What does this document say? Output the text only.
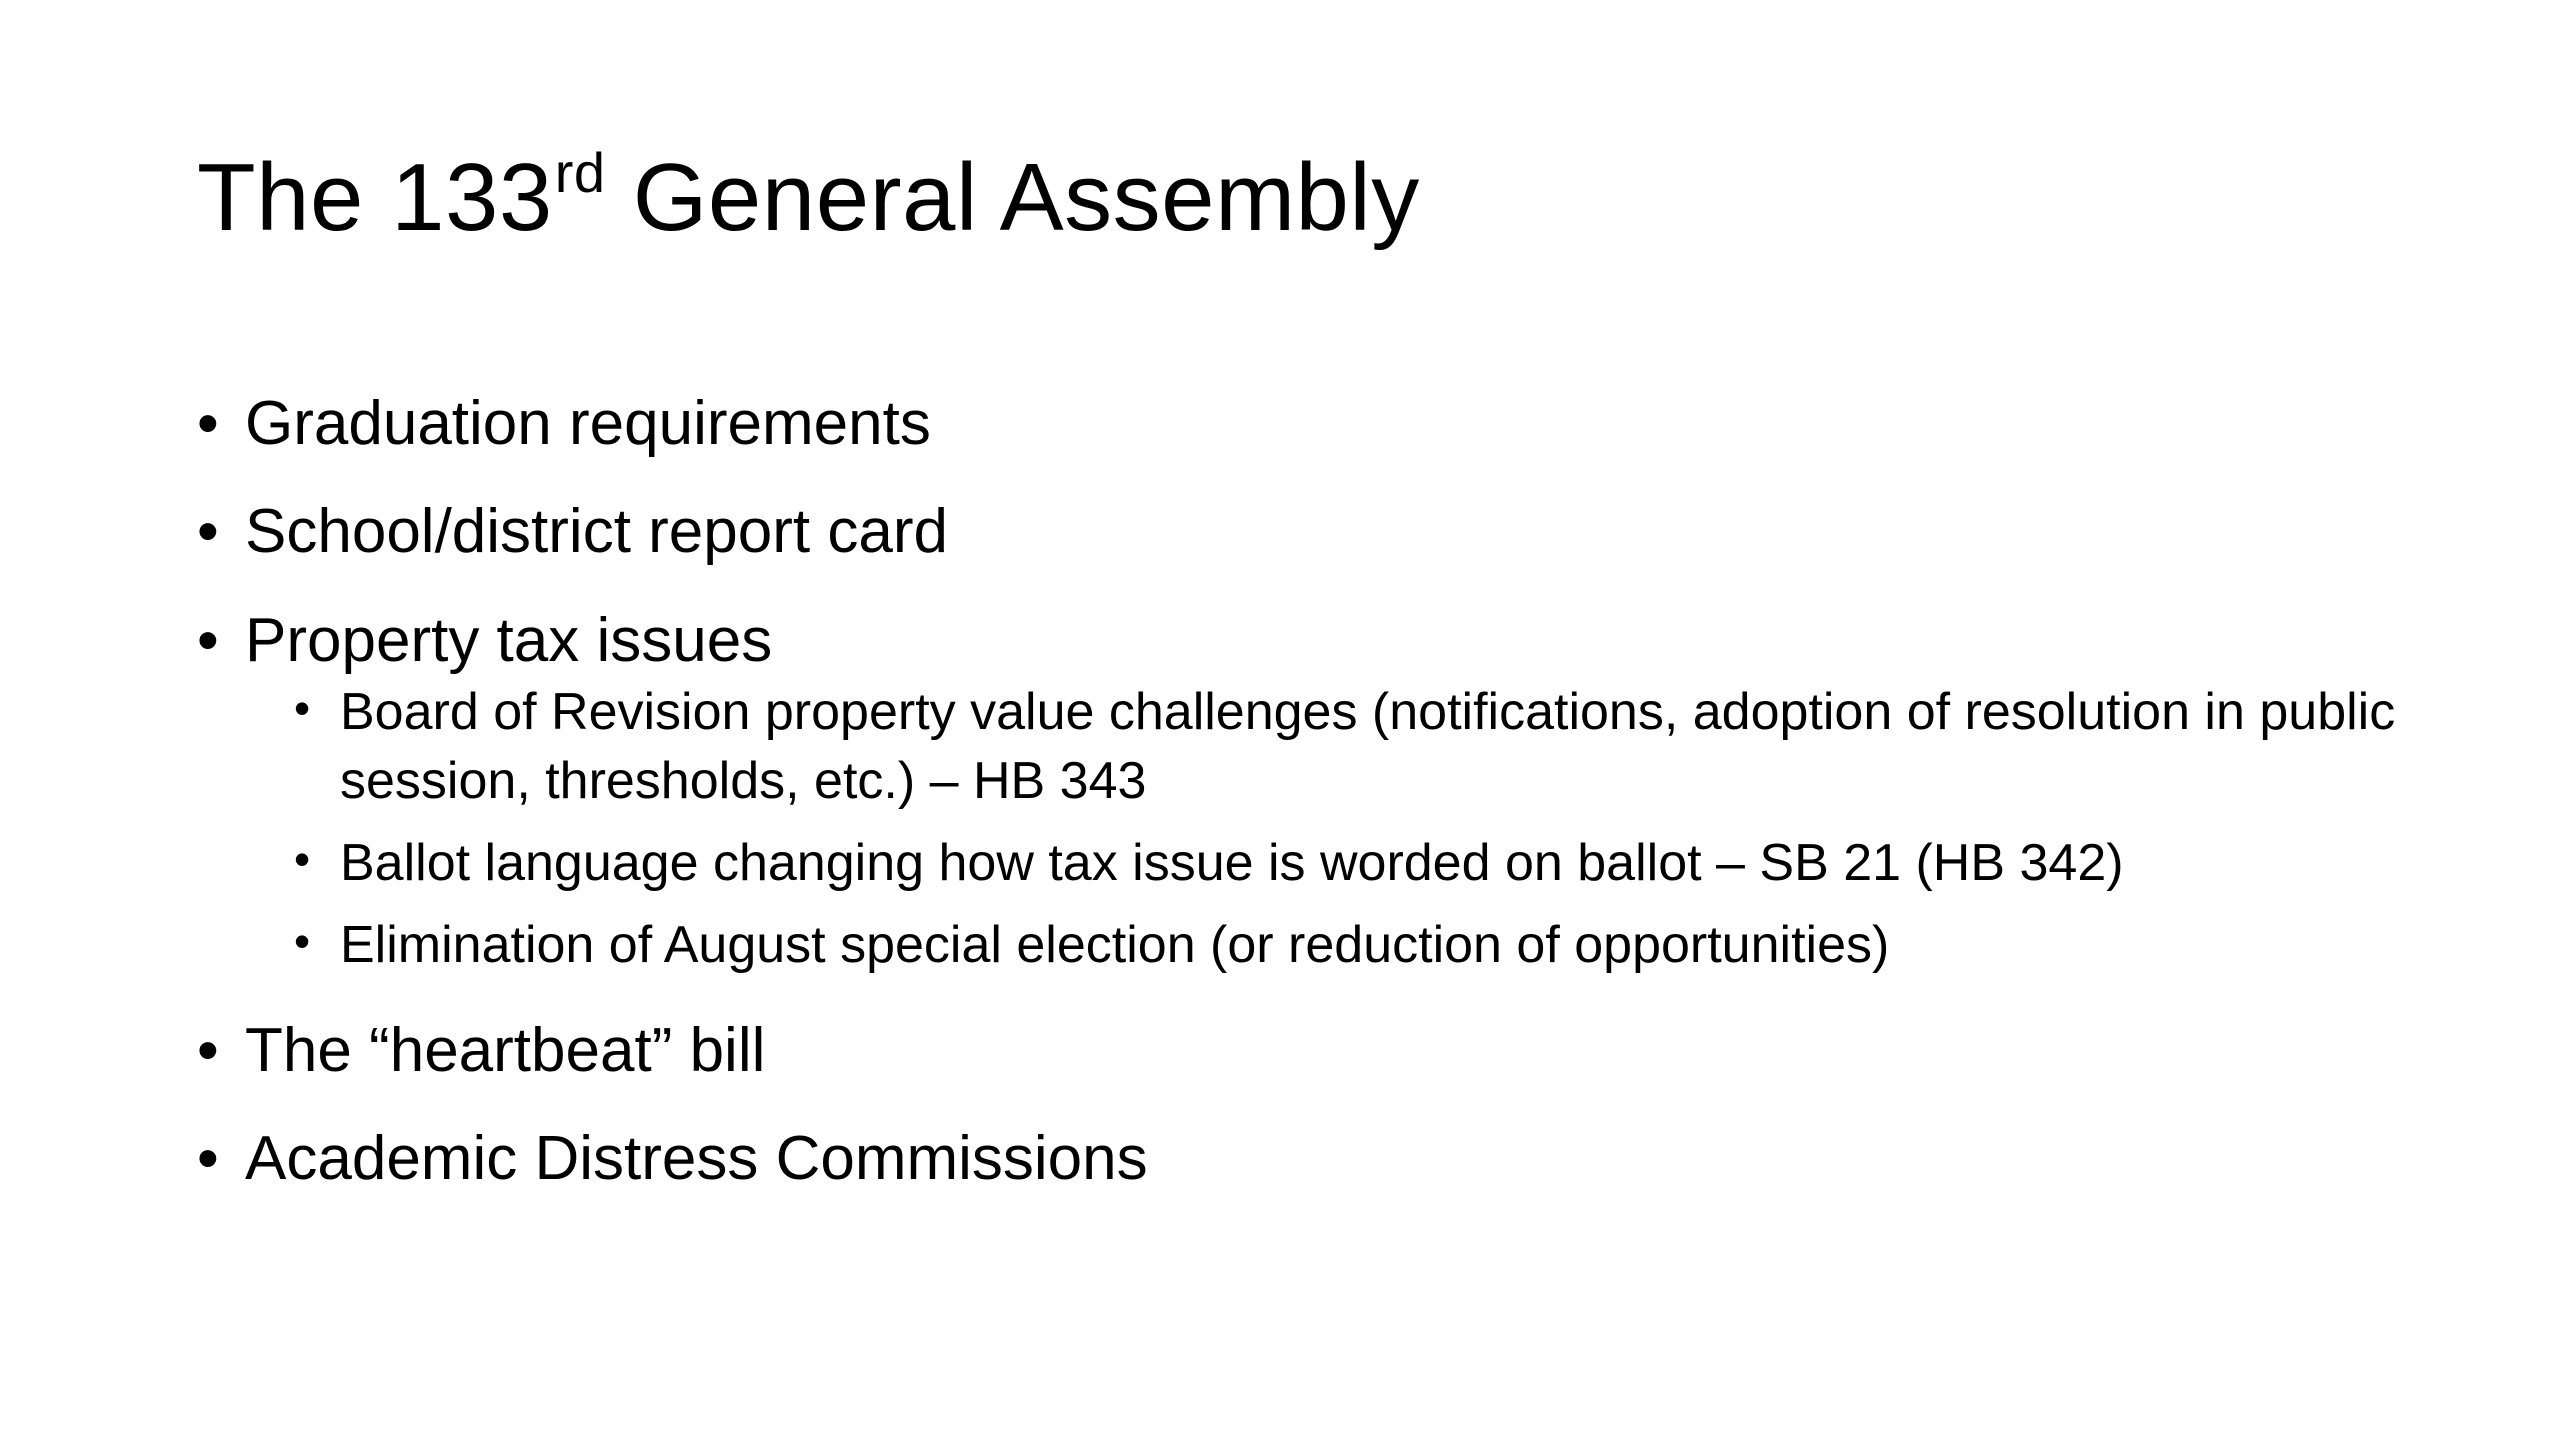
The 133rd General Assembly
• Graduation requirements
• School/district report card
• Property tax issues
• Board of Revision property value challenges (notifications, adoption of resolution in public session, thresholds, etc.) – HB 343
• Ballot language changing how tax issue is worded on ballot – SB 21 (HB 342)
• Elimination of August special election (or reduction of opportunities)
• The “heartbeat” bill
• Academic Distress Commissions
